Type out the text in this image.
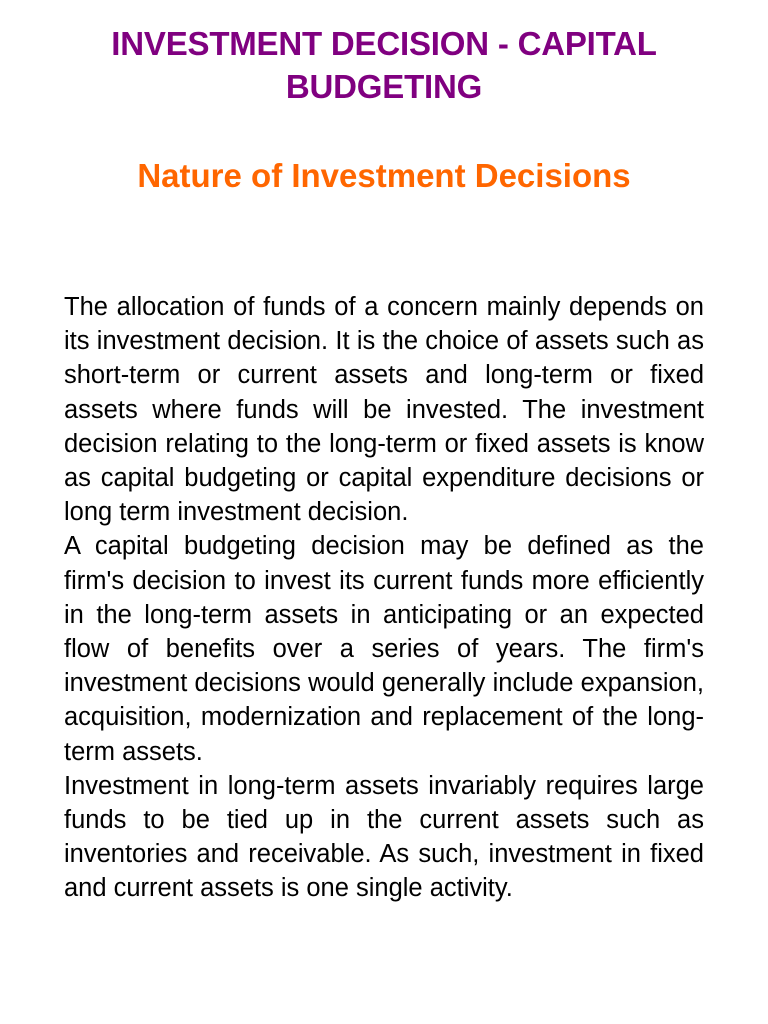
INVESTMENT DECISION - CAPITAL BUDGETING
Nature of Investment Decisions

The allocation of funds of a concern mainly depends on its investment decision. It is the choice of assets such as short-term or current assets and long-term or fixed assets where funds will be invested. The investment decision relating to the long-term or fixed assets is know as capital budgeting or capital expenditure decisions or long term investment decision.

A capital budgeting decision may be defined as the firm's decision to invest its current funds more efficiently in the long-term assets in anticipating or an expected flow of benefits over a series of years. The firm's investment decisions would generally include expansion, acquisition, modernization and replacement of the long-term assets.

Investment in long-term assets invariably requires large funds to be tied up in the current assets such as inventories and receivable. As such, investment in fixed and current assets is one single activity.
